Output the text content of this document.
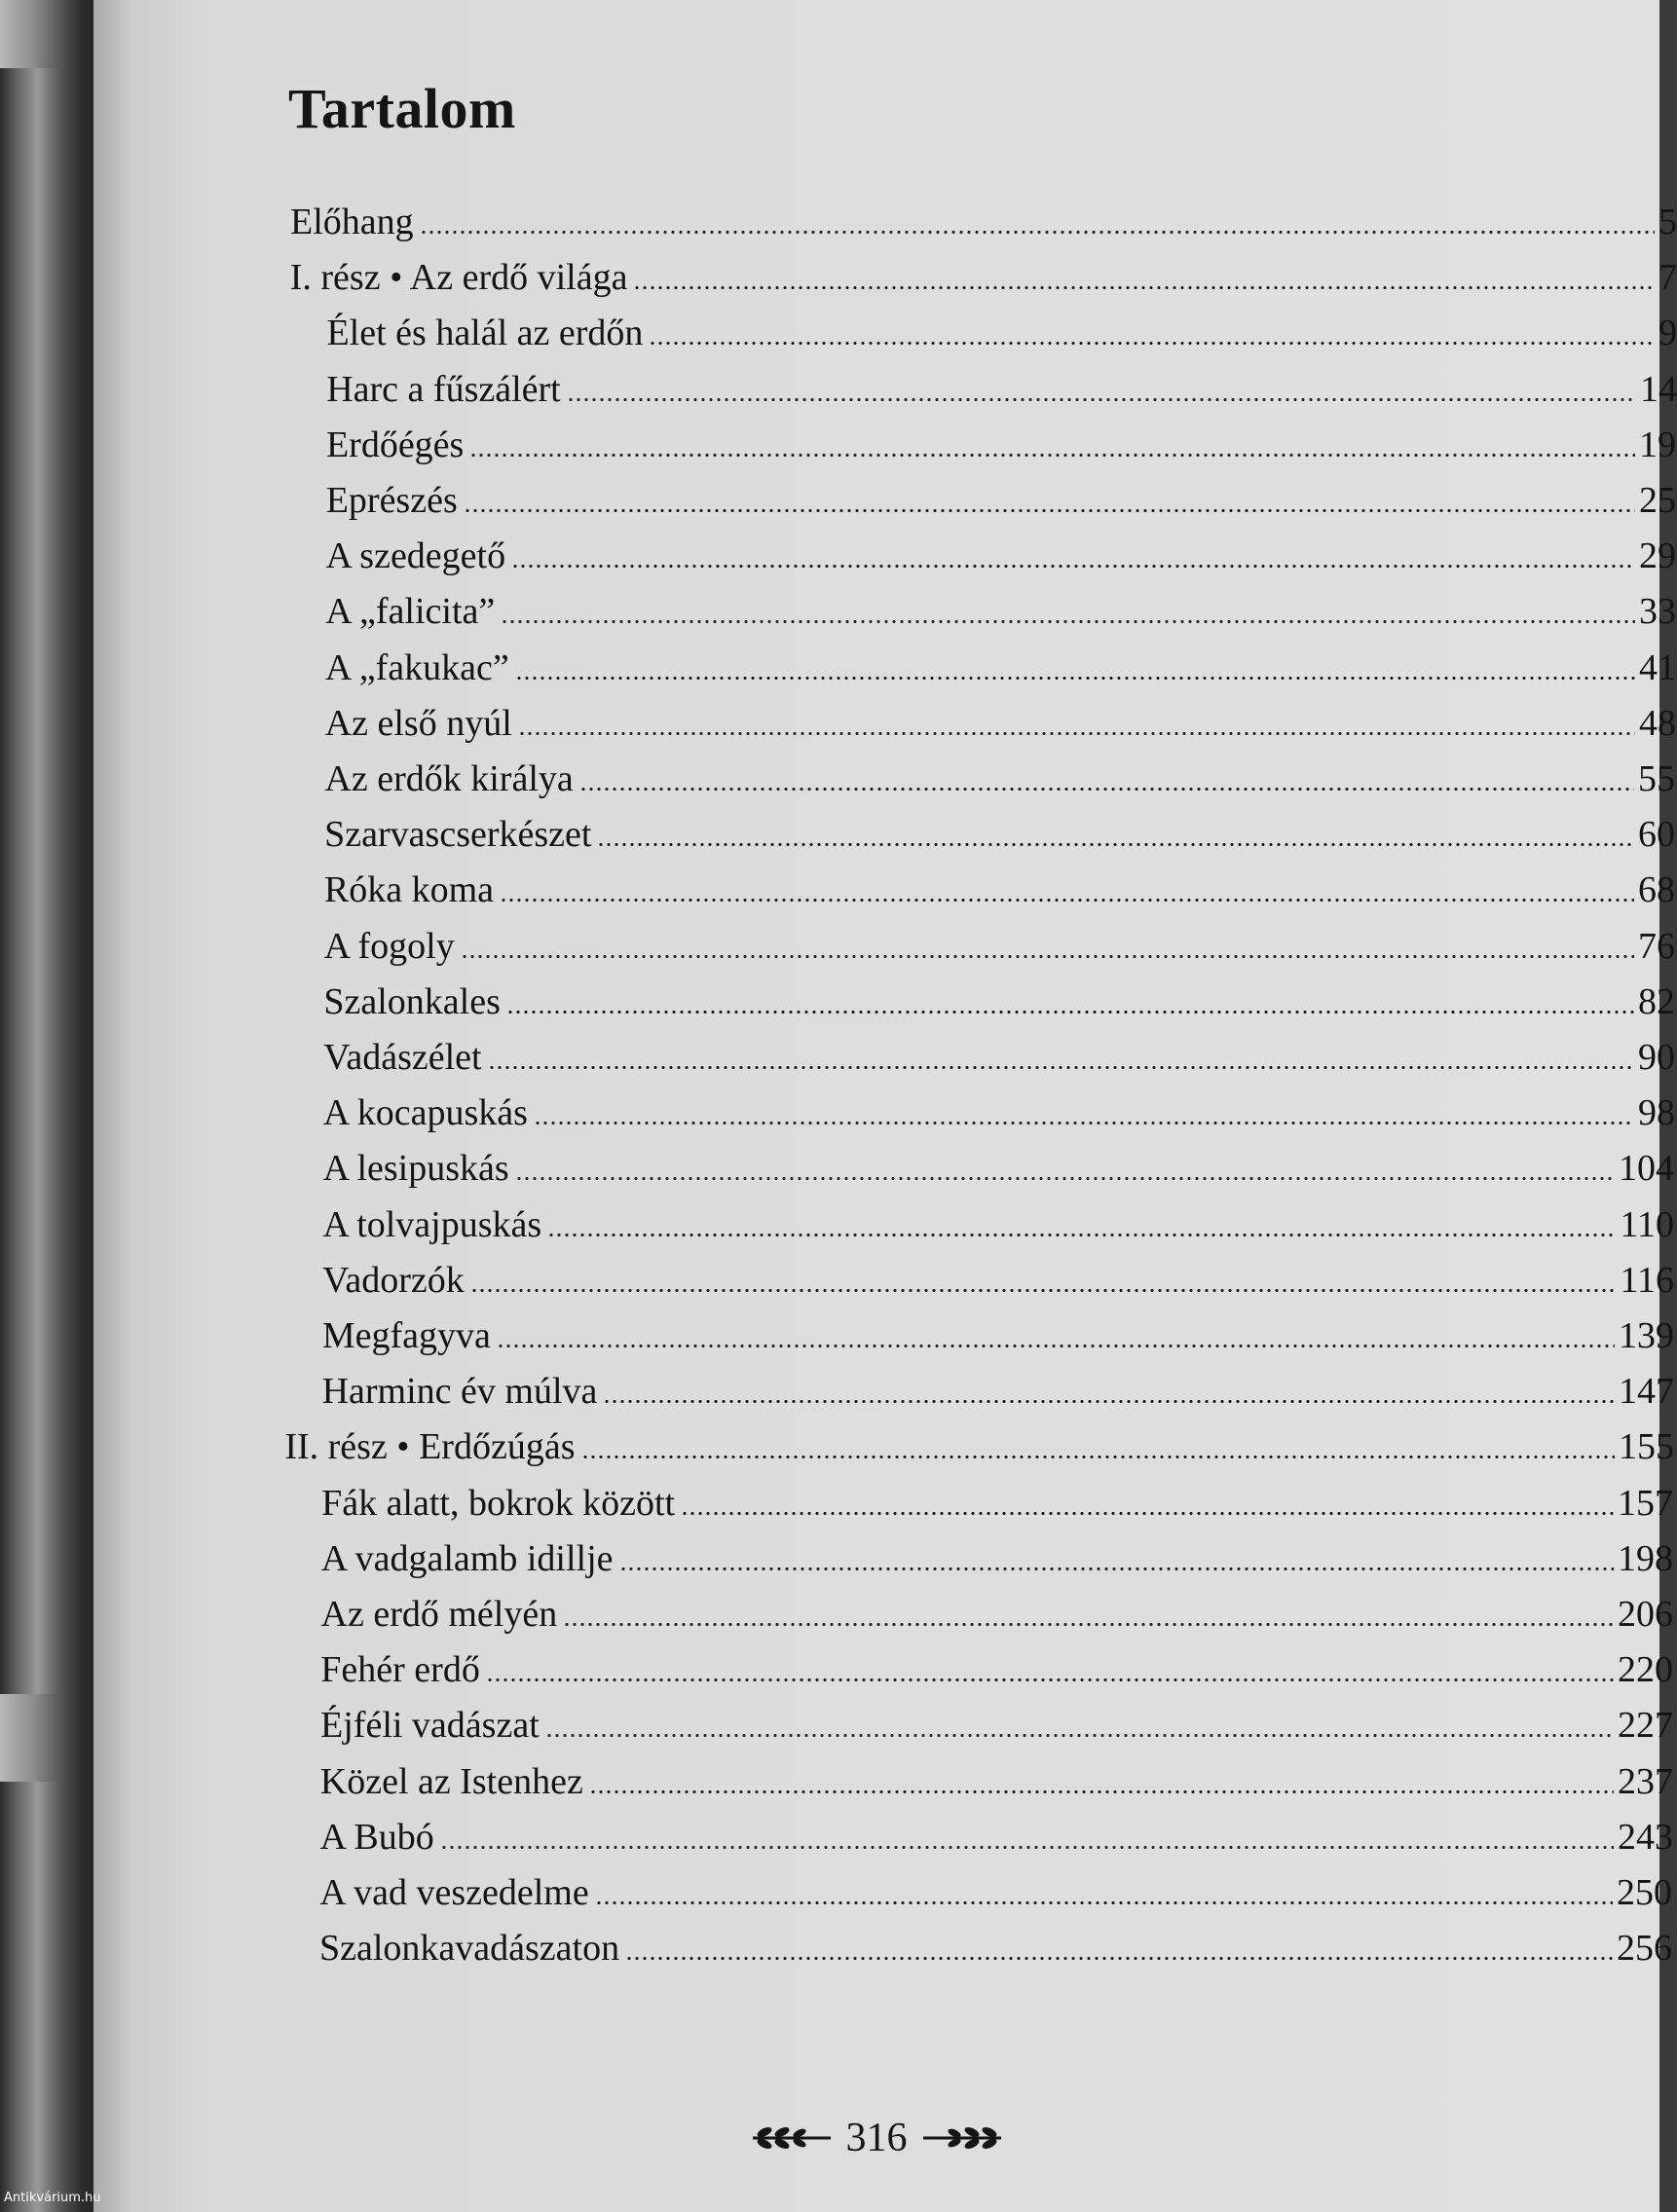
Tartalom
Előhang	5
I. rész • Az erdő világa	7
Élet és halál az erdőn	9
Harc a fűszálért	14
Erdőégés	19
Eprészés	25
A szedegető	29
A „falicita”	33
A „fakukac”	41
Az első nyúl	48
Az erdők királya	55
Szarvascserkészet	60
Róka koma	68
A fogoly	76
Szalonkales	82
Vadászélet	90
A kocapuskás	98
A lesipuskás	104
A tolvajpuskás	110
Vadorzók	116
Megfagyva	139
Harminc év múlva	147
II. rész • Erdőzúgás	155
Fák alatt, bokrok között	157
A vadgalamb idillje	198
Az erdő mélyén	206
Fehér erdő	220
Éjféli vadászat	227
Közel az Istenhez	237
A Bubó	243
A vad veszedelme	250
Szalonkavadászaton	256
316
Antikvárium.hu
